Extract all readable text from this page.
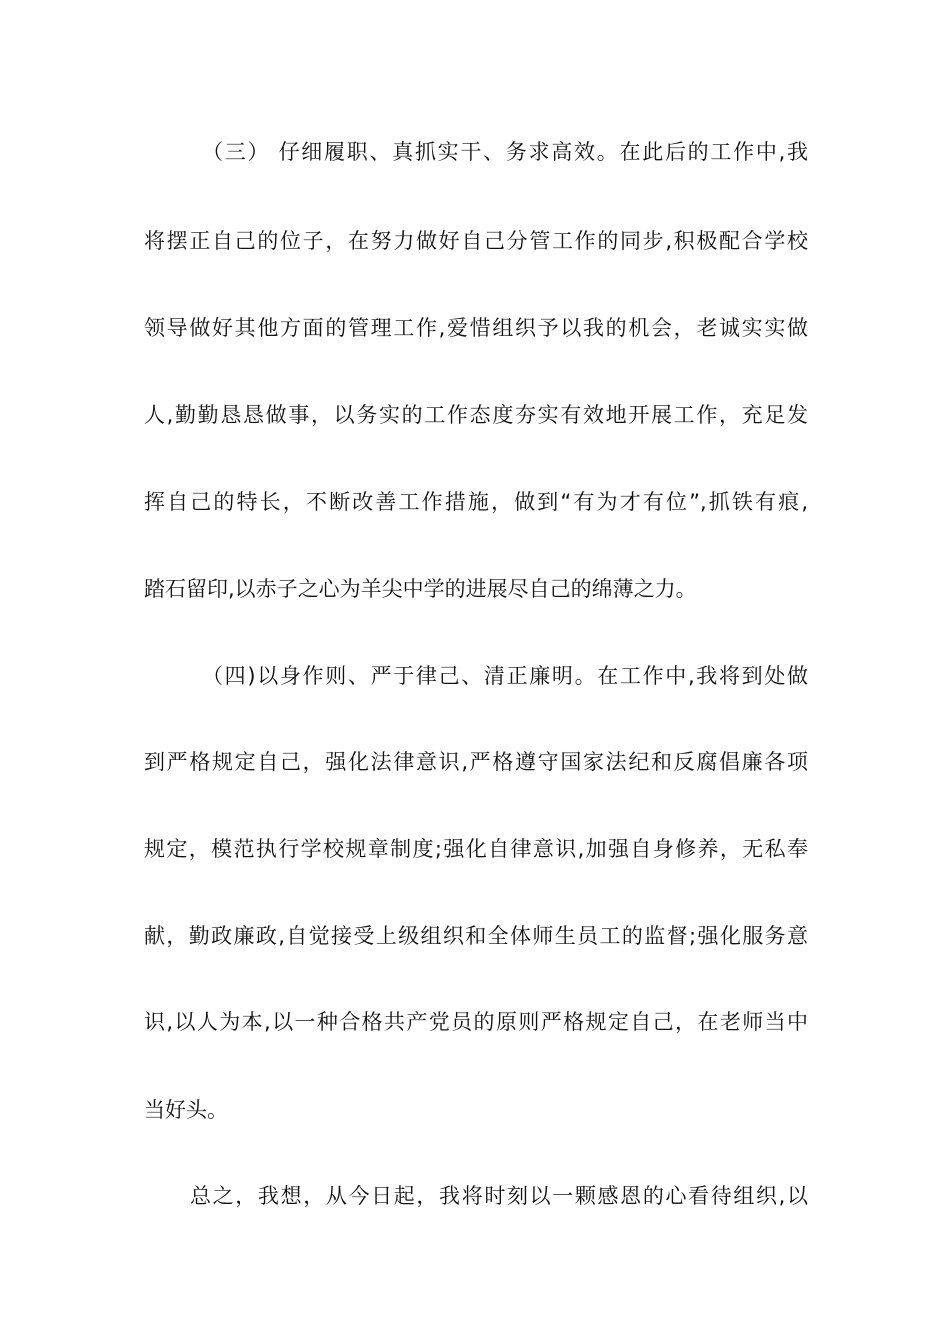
（三） 仔细履职、真抓实干、务求高效。在此后的工作中,我
将摆正自己的位子，在努力做好自己分管工作的同步,积极配合学校
领导做好其他方面的管理工作,爱惜组织予以我的机会，老诚实实做
人,勤勤恳恳做事，以务实的工作态度夯实有效地开展工作，充足发
挥自己的特长，不断改善工作措施，做到“有为才有位”,抓铁有痕,
踏石留印,以赤子之心为羊尖中学的进展尽自己的绵薄之力。
（四)以身作则、严于律己、清正廉明。在工作中,我将到处做
到严格规定自己，强化法律意识,严格遵守国家法纪和反腐倡廉各项
规定，模范执行学校规章制度;强化自律意识,加强自身修养，无私奉
献，勤政廉政,自觉接受上级组织和全体师生员工的监督;强化服务意
识,以人为本,以一种合格共产党员的原则严格规定自己，在老师当中
当好头。
总之，我想，从今日起，我将时刻以一颗感恩的心看待组织,以
